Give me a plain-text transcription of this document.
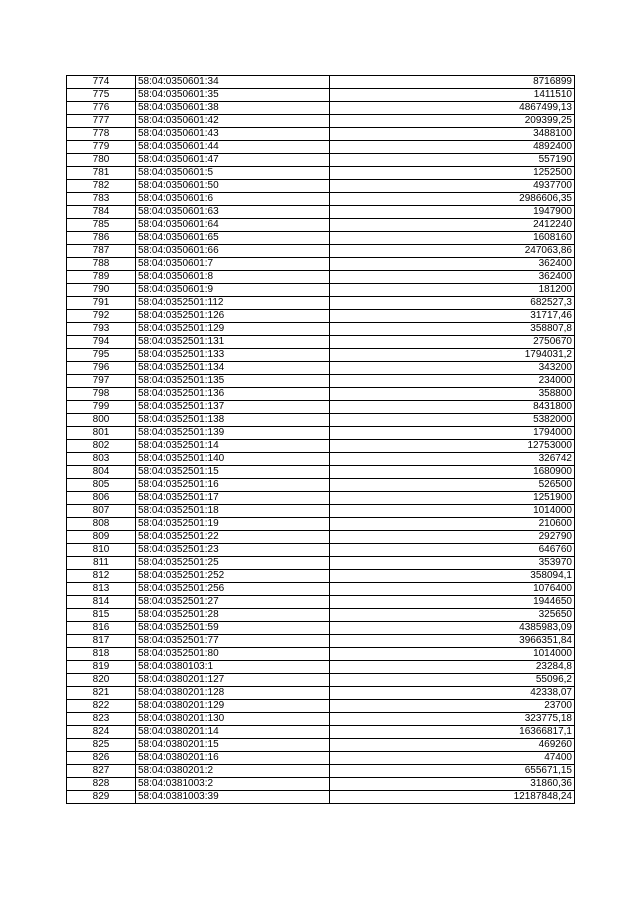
774	58:04:0350601:34	8716899
775	58:04:0350601:35	1411510
776	58:04:0350601:38	4867499,13
777	58:04:0350601:42	209399,25
778	58:04:0350601:43	3488100
779	58:04:0350601:44	4892400
780	58:04:0350601:47	557190
781	58:04:0350601:5	1252500
782	58:04:0350601:50	4937700
783	58:04:0350601:6	2986606,35
784	58:04:0350601:63	1947900
785	58:04:0350601:64	2412240
786	58:04:0350601:65	1608160
787	58:04:0350601:66	247063,86
788	58:04:0350601:7	362400
789	58:04:0350601:8	362400
790	58:04:0350601:9	181200
791	58:04:0352501:112	682527,3
792	58:04:0352501:126	31717,46
793	58:04:0352501:129	358807,8
794	58:04:0352501:131	2750670
795	58:04:0352501:133	1794031,2
796	58:04:0352501:134	343200
797	58:04:0352501:135	234000
798	58:04:0352501:136	358800
799	58:04:0352501:137	8431800
800	58:04:0352501:138	5382000
801	58:04:0352501:139	1794000
802	58:04:0352501:14	12753000
803	58:04:0352501:140	326742
804	58:04:0352501:15	1680900
805	58:04:0352501:16	526500
806	58:04:0352501:17	1251900
807	58:04:0352501:18	1014000
808	58:04:0352501:19	210600
809	58:04:0352501:22	292790
810	58:04:0352501:23	646760
811	58:04:0352501:25	353970
812	58:04:0352501:252	358094,1
813	58:04:0352501:256	1076400
814	58:04:0352501:27	1944650
815	58:04:0352501:28	325650
816	58:04:0352501:59	4385983,09
817	58:04:0352501:77	3966351,84
818	58:04:0352501:80	1014000
819	58:04:0380103:1	23284,8
820	58:04:0380201:127	55096,2
821	58:04:0380201:128	42338,07
822	58:04:0380201:129	23700
823	58:04:0380201:130	323775,18
824	58:04:0380201:14	16366817,1
825	58:04:0380201:15	469260
826	58:04:0380201:16	47400
827	58:04:0380201:2	655671,15
828	58:04:0381003:2	31860,36
829	58:04:0381003:39	12187848,24
